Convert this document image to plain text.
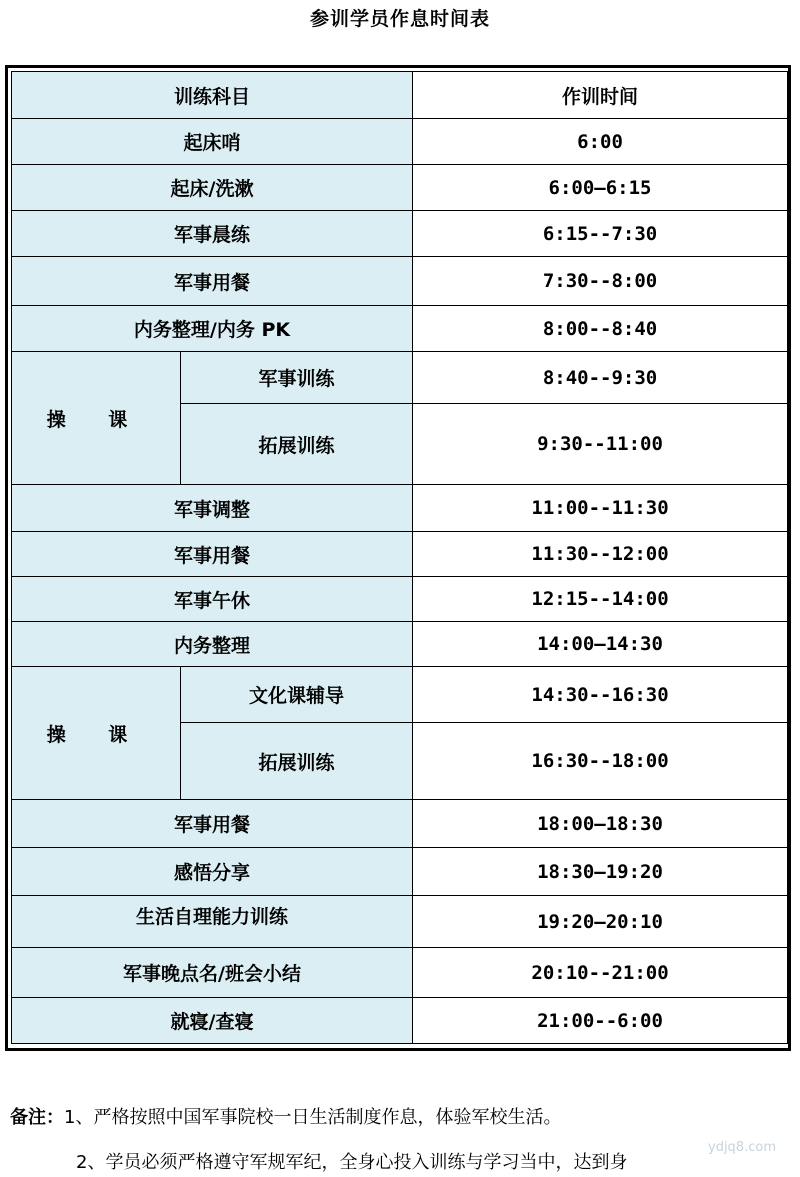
参训学员作息时间表
训练科目		作训时间
起床哨		6:00
起床/洗漱		6:00—6:15
军事晨练		6:15--7:30
军事用餐		7:30--8:00
内务整理/内务 PK		8:00--8:40
操 课	军事训练	8:40--9:30
	拓展训练	9:30--11:00
军事调整		11:00--11:30
军事用餐		11:30--12:00
军事午休		12:15--14:00
内务整理		14:00—14:30
操 课	文化课辅导	14:30--16:30
	拓展训练	16:30--18:00
军事用餐		18:00—18:30
感悟分享		18:30—19:20
生活自理能力训练		19:20—20:10
军事晚点名/班会小结		20:10--21:00
就寝/查寝		21:00--6:00
备注：1、严格按照中国军事院校一日生活制度作息，体验军校生活。
2、学员必须严格遵守军规军纪，全身心投入训练与学习当中，达到身
ydjq8.com
